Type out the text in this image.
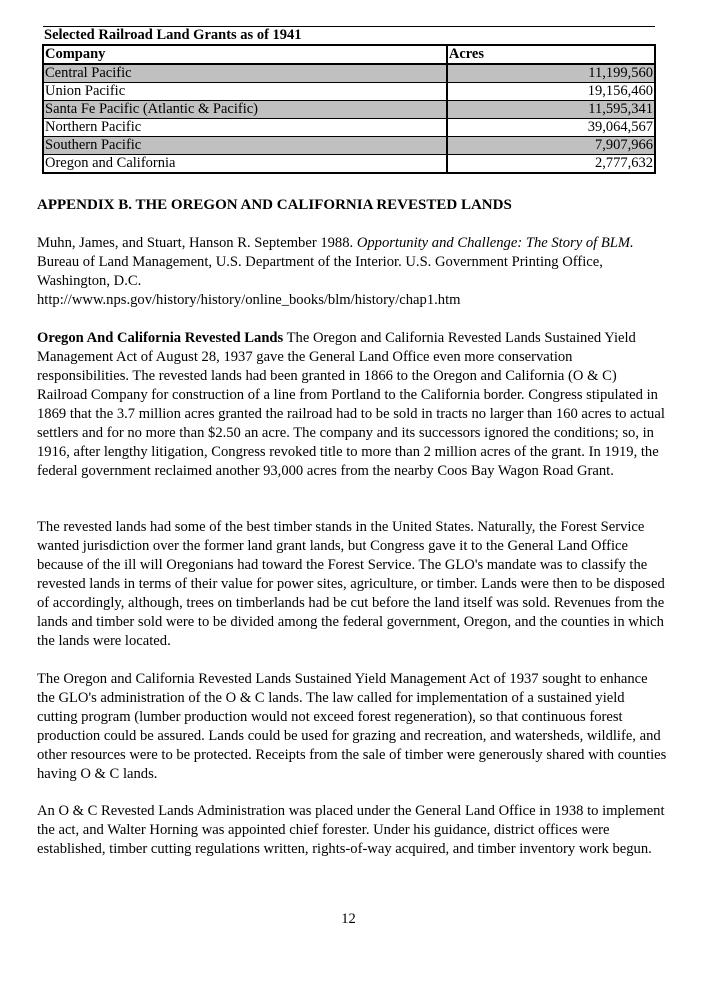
Selected Railroad Land Grants as of 1941	
Company	Acres
Central Pacific	11,199,560
Union Pacific	19,156,460
Santa Fe Pacific (Atlantic & Pacific)	11,595,341
Northern Pacific	39,064,567
Southern Pacific	7,907,966
Oregon and California	2,777,632
APPENDIX B. THE OREGON AND CALIFORNIA REVESTED LANDS

Muhn, James, and Stuart, Hanson R. September 1988. Opportunity and Challenge: The Story of BLM. Bureau of Land Management, U.S. Department of the Interior. U.S. Government Printing Office, Washington, D.C.

http://www.nps.gov/history/history/online_books/blm/history/chap1.htm

Oregon And California Revested Lands The Oregon and California Revested Lands Sustained Yield Management Act of August 28, 1937 gave the General Land Office even more conservation responsibilities. The revested lands had been granted in 1866 to the Oregon and California (O & C) Railroad Company for construction of a line from Portland to the California border. Congress stipulated in 1869 that the 3.7 million acres granted the railroad had to be sold in tracts no larger than 160 acres to actual settlers and for no more than $2.50 an acre. The company and its successors ignored the conditions; so, in 1916, after lengthy litigation, Congress revoked title to more than 2 million acres of the grant. In 1919, the federal government reclaimed another 93,000 acres from the nearby Coos Bay Wagon Road Grant.

The revested lands had some of the best timber stands in the United States. Naturally, the Forest Service wanted jurisdiction over the former land grant lands, but Congress gave it to the General Land Office because of the ill will Oregonians had toward the Forest Service. The GLO's mandate was to classify the revested lands in terms of their value for power sites, agriculture, or timber. Lands were then to be disposed of accordingly, although, trees on timberlands had be cut before the land itself was sold. Revenues from the lands and timber sold were to be divided among the federal government, Oregon, and the counties in which the lands were located.

The Oregon and California Revested Lands Sustained Yield Management Act of 1937 sought to enhance the GLO's administration of the O & C lands. The law called for implementation of a sustained yield cutting program (lumber production would not exceed forest regeneration), so that continuous forest production could be assured. Lands could be used for grazing and recreation, and watersheds, wildlife, and other resources were to be protected. Receipts from the sale of timber were generously shared with counties having O & C lands.

An O & C Revested Lands Administration was placed under the General Land Office in 1938 to implement the act, and Walter Horning was appointed chief forester. Under his guidance, district offices were established, timber cutting regulations written, rights-of-way acquired, and timber inventory work begun.

12
